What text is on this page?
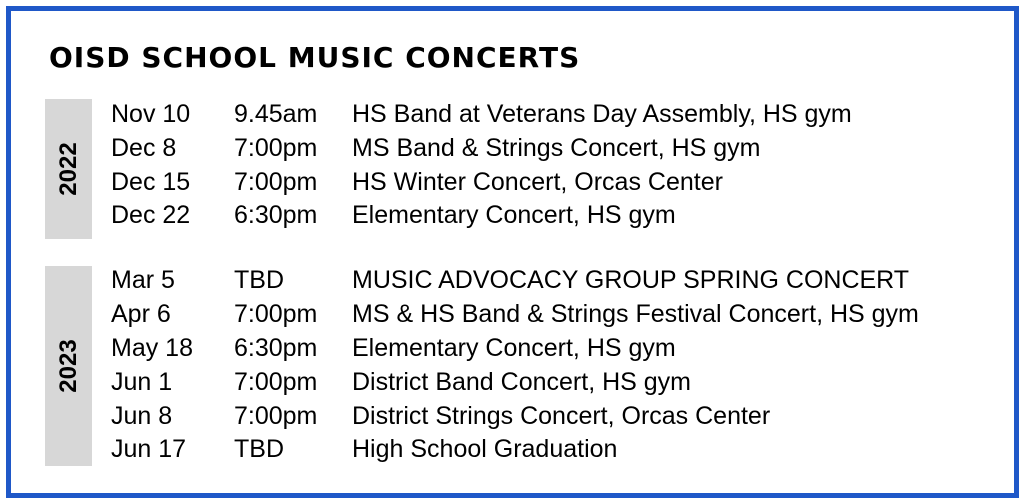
OISD SCHOOL MUSIC CONCERTS
2022
Nov 10 9.45am HS Band at Veterans Day Assembly, HS gym
Dec 8 7:00pm MS Band & Strings Concert, HS gym
Dec 15 7:00pm HS Winter Concert, Orcas Center
Dec 22 6:30pm Elementary Concert, HS gym
2023
Mar 5 TBD	MUSIC ADVOCACY GROUP SPRING CONCERT
Apr 6	7:00pm MS & HS Band & Strings Festival Concert, HS gym
May 18 6:30pm Elementary Concert, HS gym
Jun 1 7:00pm District Band Concert, HS gym
Jun 8 7:00pm District Strings Concert, Orcas Center
Jun 17 TBD	High School Graduation
